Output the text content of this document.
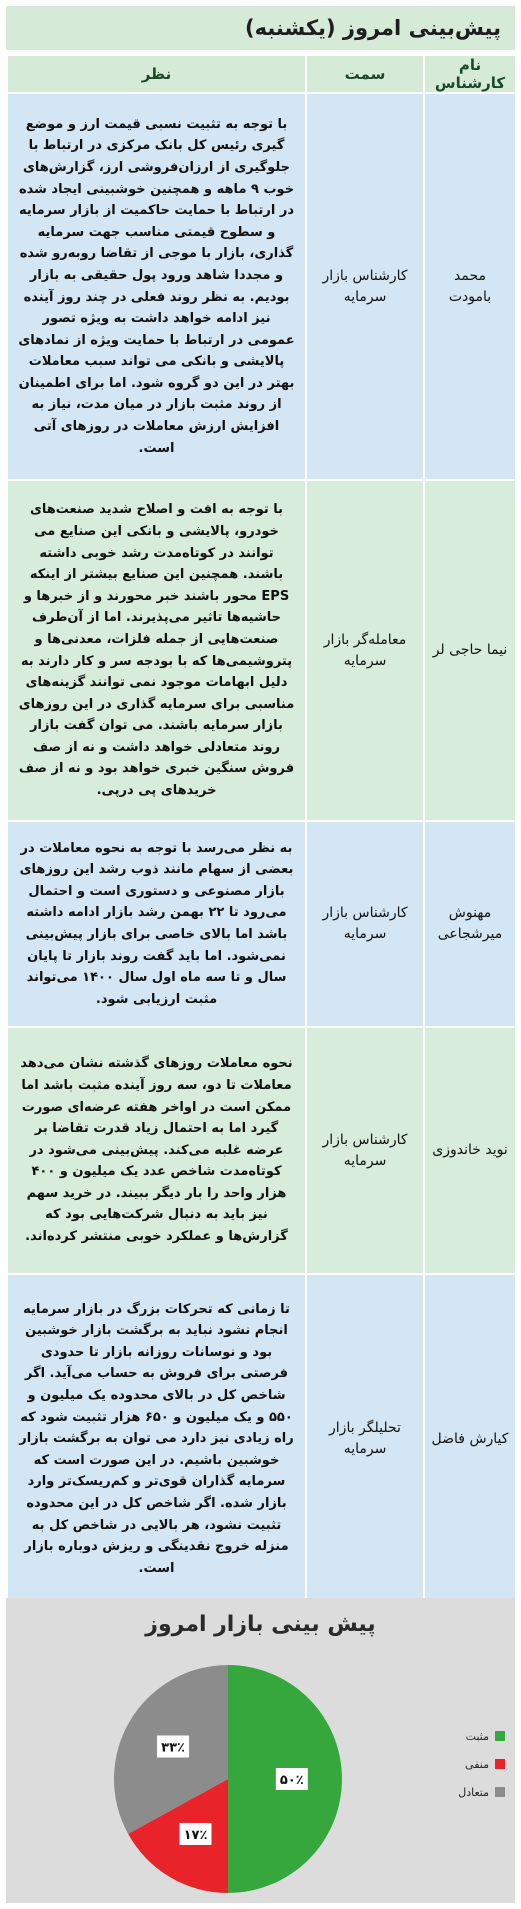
پیش‌بینی امروز (یکشنبه)
نام کارشناس	سمت	نظر
محمد بامودت	کارشناس بازار سرمایه	با توجه به تثبیت نسبی قیمت ارز و موضع گیری رئیس کل بانک مرکزی در ارتباط با جلوگیری از ارزان‌فروشی ارز، گزارش‌های خوب ۹ ماهه و همچنین خوشبینی ایجاد شده در ارتباط با حمایت حاکمیت از بازار سرمایه و سطوح قیمتی مناسب جهت سرمایه گذاری، بازار با موجی از تقاضا روبه‌رو شده و مجددا شاهد ورود پول حقیقی به بازار بودیم. به نظر روند فعلی در چند روز آینده نیز ادامه خواهد داشت به ویژه تصور عمومی در ارتباط با حمایت ویژه از نمادهای پالایشی و بانکی می تواند سبب معاملات بهتر در این دو گروه شود. اما برای اطمینان از روند مثبت بازار در میان مدت، نیاز به افزایش ارزش معاملات در روزهای آتی است.
نیما حاجی لر	معامله‌گر بازار سرمایه	با توجه به افت و اصلاح شدید صنعت‌های خودرو، پالایشی و بانکی این صنایع می توانند در کوتاه‌مدت رشد خوبی داشته باشند. همچنین این صنایع بیشتر از اینکه EPS محور باشند خبر محورند و از خبرها و حاشیه‌ها تاثیر می‌پذیرند. اما از آن‌طرف صنعت‌هایی از جمله فلزات، معدنی‌ها و پتروشیمی‌ها که با بودجه سر و کار دارند به دلیل ابهامات موجود نمی توانند گزینه‌های مناسبی برای سرمایه گذاری در این روزهای بازار سرمایه باشند. می توان گفت بازار روند متعادلی خواهد داشت و نه از صف فروش سنگین خبری خواهد بود و نه از صف خریدهای پی درپی.
مهنوش میرشجاعی	کارشناس بازار سرمایه	به نظر می‌رسد با توجه به نحوه معاملات در بعضی از سهام مانند ذوب رشد این روزهای بازار مصنوعی و دستوری است و احتمال می‌رود تا ۲۲ بهمن رشد بازار ادامه داشته باشد اما بالای خاصی برای بازار پیش‌بینی نمی‌شود. اما باید گفت روند بازار تا پایان سال و تا سه ماه اول سال ۱۴۰۰ می‌تواند مثبت ارزیابی شود.
نوید خاندوزی	کارشناس بازار سرمایه	نحوه معاملات روزهای گذشته نشان می‌دهد معاملات تا دو، سه روز آینده مثبت باشد اما ممکن است در اواخر هفته عرضه‌ای صورت گیرد اما به احتمال زیاد قدرت تقاضا بر عرضه غلبه می‌کند. پیش‌بینی می‌شود در کوتاه‌مدت شاخص عدد یک میلیون و ۴۰۰ هزار واحد را بار دیگر ببیند. در خرید سهم نیز باید به دنبال شرکت‌هایی بود که گزارش‌ها و عملکرد خوبی منتشر کرده‌اند.
کیارش فاضل	تحلیلگر بازار سرمایه	تا زمانی که تحرکات بزرگ در بازار سرمایه انجام نشود نباید به برگشت بازار خوشبین بود و نوسانات روزانه بازار تا حدودی فرصتی برای فروش به حساب می‌آید. اگر شاخص کل در بالای محدوده یک میلیون و ۵۵۰ و یک میلیون و ۶۵۰ هزار تثبیت شود که راه زیادی نیز دارد می توان به برگشت بازار خوشبین باشیم. در این صورت است که سرمایه گذاران قوی‌تر و کم‌ریسک‌تر وارد بازار شده. اگر شاخص کل در این محدوده تثبیت نشود، هر بالایی در شاخص کل به منزله خروج نقدینگی و ریزش دوباره بازار است.
پیش بینی بازار امروز
۵۰٪
۱۷٪
۳۳٪
مثبت
منفی
متعادل
